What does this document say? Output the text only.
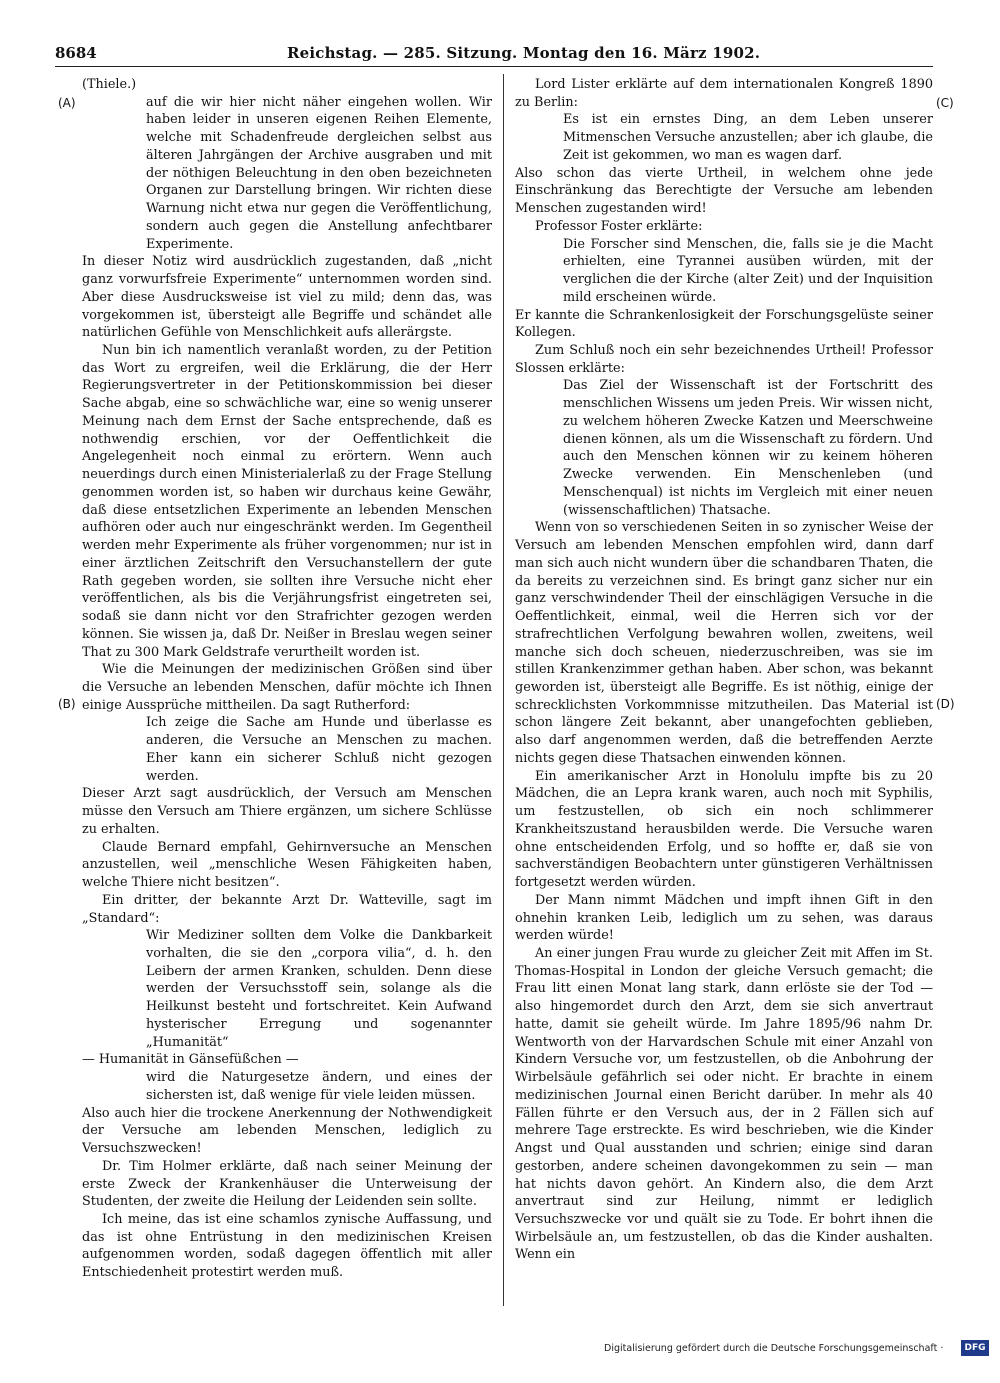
8684	Reichstag. — 285. Sitzung. Montag den 16. März 1902.
(A)
(B)
(C)
(D)

(Thiele.)

auf die wir hier nicht näher eingehen wollen. Wir haben leider in unseren eigenen Reihen Elemente, welche mit Schadenfreude dergleichen selbst aus älteren Jahrgängen der Archive ausgraben und mit der nöthigen Beleuchtung in den oben bezeichneten Organen zur Darstellung bringen. Wir richten diese Warnung nicht etwa nur gegen die Veröffentlichung, sondern auch gegen die Anstellung anfechtbarer Experimente.

In dieser Notiz wird ausdrücklich zugestanden, daß „nicht ganz vorwurfsfreie Experimente“ unternommen worden sind. Aber diese Ausdrucksweise ist viel zu mild; denn das, was vorgekommen ist, übersteigt alle Begriffe und schändet alle natürlichen Gefühle von Menschlichkeit aufs allerärgste.

Nun bin ich namentlich veranlaßt worden, zu der Petition das Wort zu ergreifen, weil die Erklärung, die der Herr Regierungsvertreter in der Petitionskommission bei dieser Sache abgab, eine so schwächliche war, eine so wenig unserer Meinung nach dem Ernst der Sache entsprechende, daß es nothwendig erschien, vor der Oeffentlichkeit die Angelegenheit noch einmal zu erörtern. Wenn auch neuerdings durch einen Ministerialerlaß zu der Frage Stellung genommen worden ist, so haben wir durchaus keine Gewähr, daß diese entsetzlichen Experimente an lebenden Menschen aufhören oder auch nur eingeschränkt werden. Im Gegentheil werden mehr Experimente als früher vorgenommen; nur ist in einer ärztlichen Zeitschrift den Versuchanstellern der gute Rath gegeben worden, sie sollten ihre Versuche nicht eher veröffentlichen, als bis die Verjährungsfrist eingetreten sei, sodaß sie dann nicht vor den Strafrichter gezogen werden können. Sie wissen ja, daß Dr. Neißer in Breslau wegen seiner That zu 300 Mark Geldstrafe verurtheilt worden ist.

Wie die Meinungen der medizinischen Größen sind über die Versuche an lebenden Menschen, dafür möchte ich Ihnen einige Aussprüche mittheilen. Da sagt Rutherford:

Ich zeige die Sache am Hunde und überlasse es anderen, die Versuche an Menschen zu machen. Eher kann ein sicherer Schluß nicht gezogen werden.

Dieser Arzt sagt ausdrücklich, der Versuch am Menschen müsse den Versuch am Thiere ergänzen, um sichere Schlüsse zu erhalten.

Claude Bernard empfahl, Gehirnversuche an Menschen anzustellen, weil „menschliche Wesen Fähigkeiten haben, welche Thiere nicht besitzen“.

Ein dritter, der bekannte Arzt Dr. Watteville, sagt im „Standard“:

Wir Mediziner sollten dem Volke die Dankbarkeit vorhalten, die sie den „corpora vilia“, d. h. den Leibern der armen Kranken, schulden. Denn diese werden der Versuchsstoff sein, solange als die Heilkunst besteht und fortschreitet. Kein Aufwand hysterischer Erregung und sogenannter „Humanität“

— Humanität in Gänsefüßchen —

wird die Naturgesetze ändern, und eines der sichersten ist, daß wenige für viele leiden müssen.

Also auch hier die trockene Anerkennung der Nothwendigkeit der Versuche am lebenden Menschen, lediglich zu Versuchszwecken!

Dr. Tim Holmer erklärte, daß nach seiner Meinung der erste Zweck der Krankenhäuser die Unterweisung der Studenten, der zweite die Heilung der Leidenden sein sollte.

Ich meine, das ist eine schamlos zynische Auffassung, und das ist ohne Entrüstung in den medizinischen Kreisen aufgenommen worden, sodaß dagegen öffentlich mit aller Entschiedenheit protestirt werden muß.

Lord Lister erklärte auf dem internationalen Kongreß 1890 zu Berlin:

Es ist ein ernstes Ding, an dem Leben unserer Mitmenschen Versuche anzustellen; aber ich glaube, die Zeit ist gekommen, wo man es wagen darf.

Also schon das vierte Urtheil, in welchem ohne jede Einschränkung das Berechtigte der Versuche am lebenden Menschen zugestanden wird!

Professor Foster erklärte:

Die Forscher sind Menschen, die, falls sie je die Macht erhielten, eine Tyrannei ausüben würden, mit der verglichen die der Kirche (alter Zeit) und der Inquisition mild erscheinen würde.

Er kannte die Schrankenlosigkeit der Forschungsgelüste seiner Kollegen.

Zum Schluß noch ein sehr bezeichnendes Urtheil! Professor Slossen erklärte:

Das Ziel der Wissenschaft ist der Fortschritt des menschlichen Wissens um jeden Preis. Wir wissen nicht, zu welchem höheren Zwecke Katzen und Meerschweine dienen können, als um die Wissenschaft zu fördern. Und auch den Menschen können wir zu keinem höheren Zwecke verwenden. Ein Menschenleben (und Menschenqual) ist nichts im Vergleich mit einer neuen (wissenschaftlichen) Thatsache.

Wenn von so verschiedenen Seiten in so zynischer Weise der Versuch am lebenden Menschen empfohlen wird, dann darf man sich auch nicht wundern über die schandbaren Thaten, die da bereits zu verzeichnen sind. Es bringt ganz sicher nur ein ganz verschwindender Theil der einschlägigen Versuche in die Oeffentlichkeit, einmal, weil die Herren sich vor der strafrechtlichen Verfolgung bewahren wollen, zweitens, weil manche sich doch scheuen, niederzuschreiben, was sie im stillen Krankenzimmer gethan haben. Aber schon, was bekannt geworden ist, übersteigt alle Begriffe. Es ist nöthig, einige der schrecklichsten Vorkommnisse mitzutheilen. Das Material ist schon längere Zeit bekannt, aber unangefochten geblieben, also darf angenommen werden, daß die betreffenden Aerzte nichts gegen diese Thatsachen einwenden können.

Ein amerikanischer Arzt in Honolulu impfte bis zu 20 Mädchen, die an Lepra krank waren, auch noch mit Syphilis, um festzustellen, ob sich ein noch schlimmerer Krankheitszustand herausbilden werde. Die Versuche waren ohne entscheidenden Erfolg, und so hoffte er, daß sie von sachverständigen Beobachtern unter günstigeren Verhältnissen fortgesetzt werden würden.

Der Mann nimmt Mädchen und impft ihnen Gift in den ohnehin kranken Leib, lediglich um zu sehen, was daraus werden würde!

An einer jungen Frau wurde zu gleicher Zeit mit Affen im St. Thomas-Hospital in London der gleiche Versuch gemacht; die Frau litt einen Monat lang stark, dann erlöste sie der Tod — also hingemordet durch den Arzt, dem sie sich anvertraut hatte, damit sie geheilt würde. Im Jahre 1895/96 nahm Dr. Wentworth von der Harvardschen Schule mit einer Anzahl von Kindern Versuche vor, um festzustellen, ob die Anbohrung der Wirbelsäule gefährlich sei oder nicht. Er brachte in einem medizinischen Journal einen Bericht darüber. In mehr als 40 Fällen führte er den Versuch aus, der in 2 Fällen sich auf mehrere Tage erstreckte. Es wird beschrieben, wie die Kinder Angst und Qual ausstanden und schrien; einige sind daran gestorben, andere scheinen davongekommen zu sein — man hat nichts davon gehört. An Kindern also, die dem Arzt anvertraut sind zur Heilung, nimmt er lediglich Versuchszwecke vor und quält sie zu Tode. Er bohrt ihnen die Wirbelsäule an, um festzustellen, ob das die Kinder aushalten. Wenn ein

Digitalisierung gefördert durch die Deutsche Forschungsgemeinschaft ·	DFG
